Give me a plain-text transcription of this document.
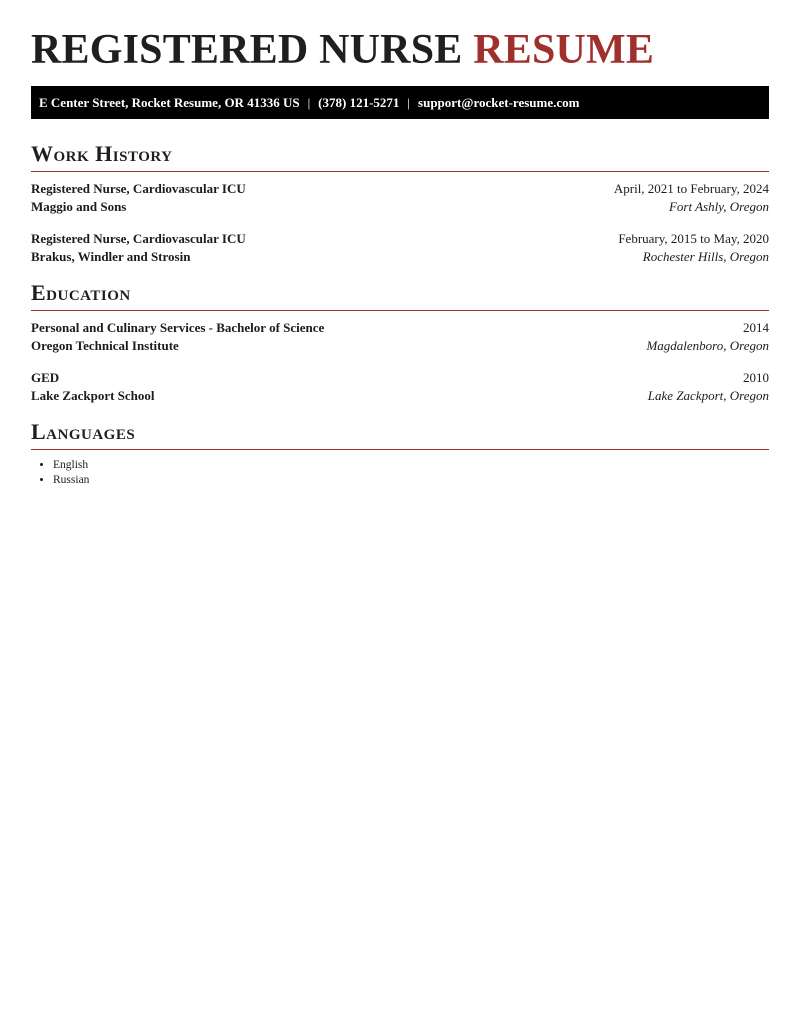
REGISTERED NURSE RESUME
E Center Street, Rocket Resume, OR 41336 US | (378) 121-5271 | support@rocket-resume.com
Work History
Registered Nurse, Cardiovascular ICU	April, 2021 to February, 2024
Maggio and Sons	Fort Ashly, Oregon
Registered Nurse, Cardiovascular ICU	February, 2015 to May, 2020
Brakus, Windler and Strosin	Rochester Hills, Oregon
Education
Personal and Culinary Services - Bachelor of Science	2014
Oregon Technical Institute	Magdalenboro, Oregon
GED	2010
Lake Zackport School	Lake Zackport, Oregon
Languages
• English
• Russian
